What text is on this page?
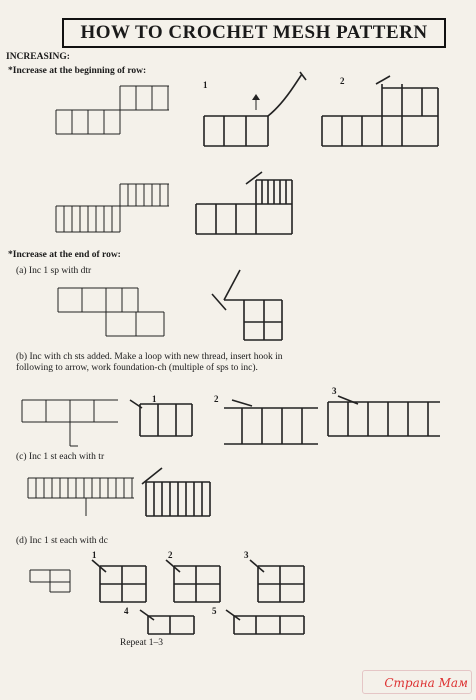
HOW TO CROCHET MESH PATTERN
INCREASING:
*Increase at the beginning of row:
1	2
*Increase at the end of row:
(a) Inc 1 sp with dtr
(b) Inc with ch sts added. Make a loop with new thread, insert hook in following to arrow, work foundation-ch (multiple of sps to inc).
1	2
3
(c) Inc 1 st each with tr
(d) Inc 1 st each with dc
1	2	3
4	5
Repeat 1–3
Страна Мам
